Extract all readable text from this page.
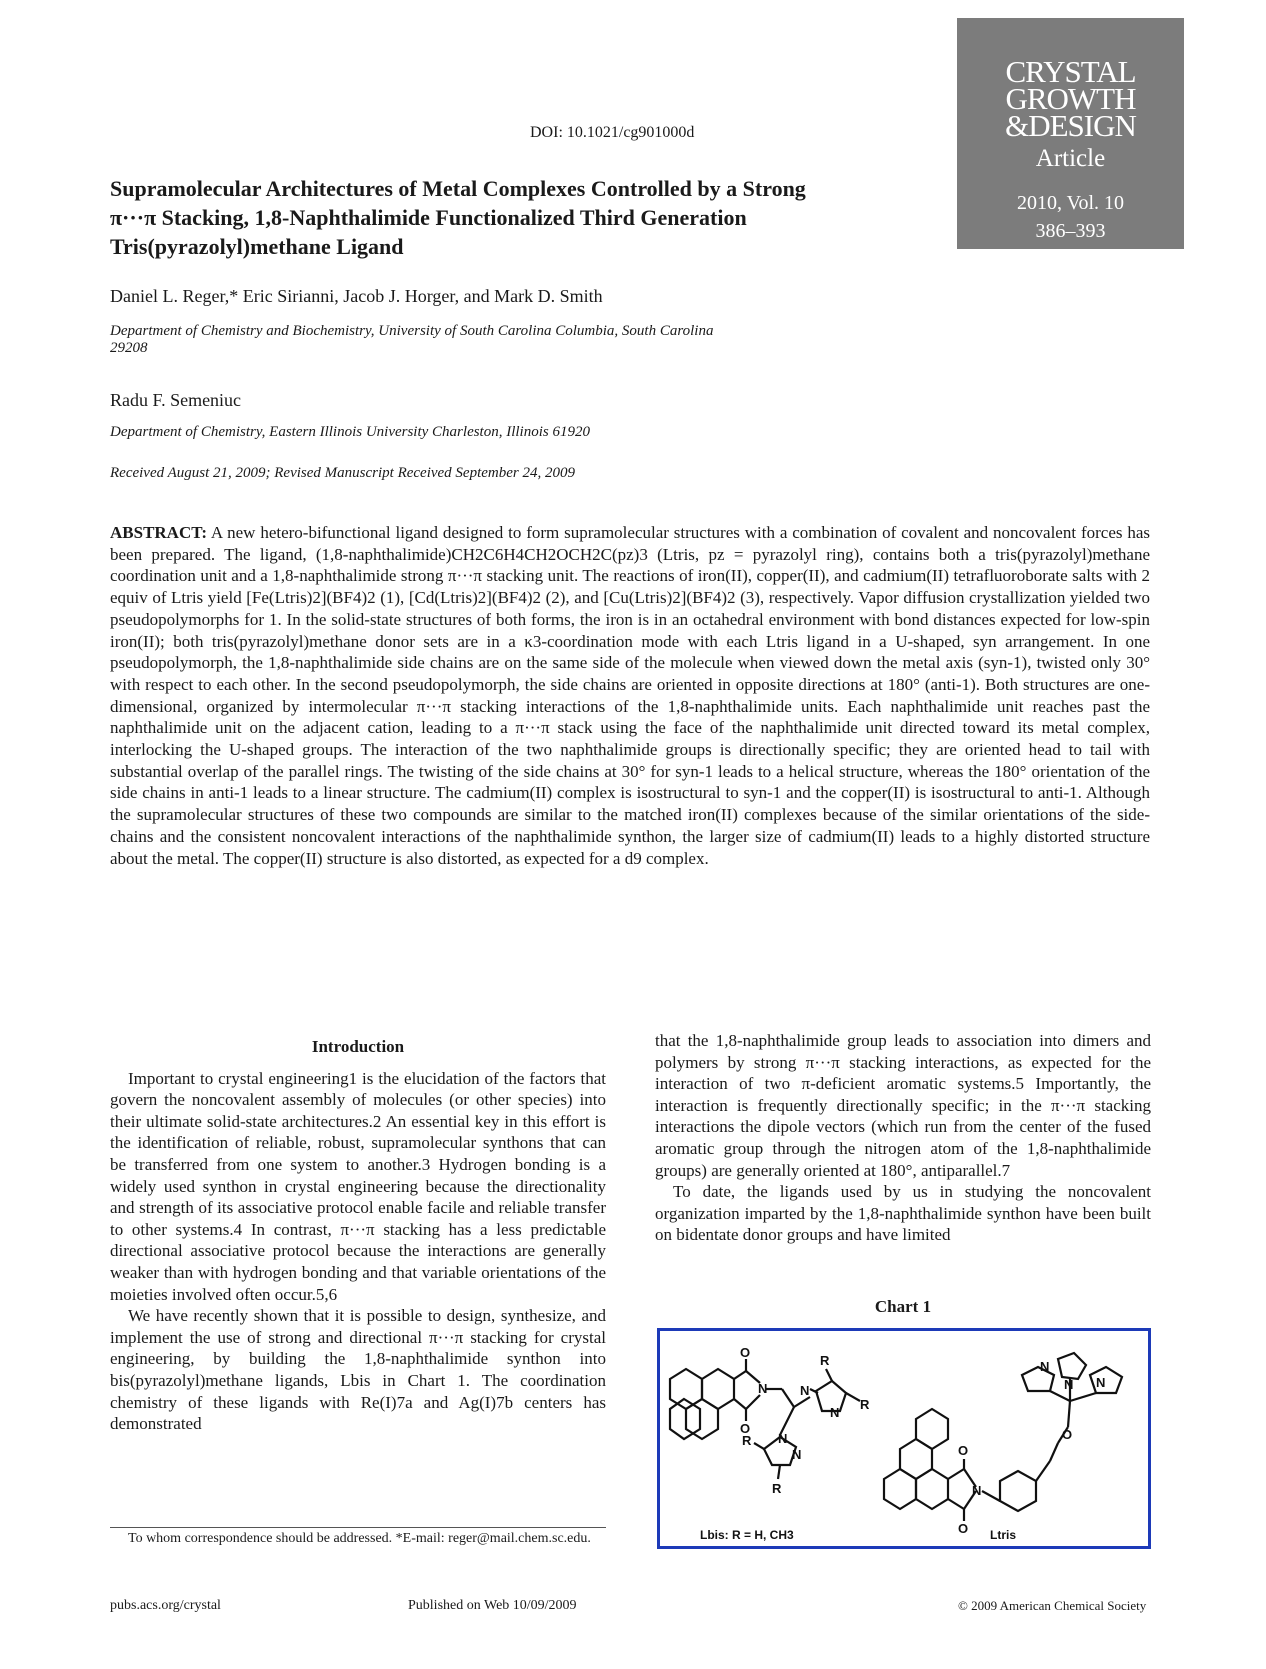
DOI: 10.1021/cg901000d
CRYSTAL
GROWTH
&DESIGN
Article
2010, Vol. 10
386–393
Supramolecular Architectures of Metal Complexes Controlled by a Strong π···π Stacking, 1,8-Naphthalimide Functionalized Third Generation Tris(pyrazolyl)methane Ligand
Daniel L. Reger,* Eric Sirianni, Jacob J. Horger, and Mark D. Smith
Department of Chemistry and Biochemistry, University of South Carolina Columbia, South Carolina 29208
Radu F. Semeniuc
Department of Chemistry, Eastern Illinois University Charleston, Illinois 61920
Received August 21, 2009; Revised Manuscript Received September 24, 2009
ABSTRACT: A new hetero-bifunctional ligand designed to form supramolecular structures with a combination of covalent and noncovalent forces has been prepared. The ligand, (1,8-naphthalimide)CH2C6H4CH2OCH2C(pz)3 (Ltris, pz = pyrazolyl ring), contains both a tris(pyrazolyl)methane coordination unit and a 1,8-naphthalimide strong π···π stacking unit. The reactions of iron(II), copper(II), and cadmium(II) tetrafluoroborate salts with 2 equiv of Ltris yield [Fe(Ltris)2](BF4)2 (1), [Cd(Ltris)2](BF4)2 (2), and [Cu(Ltris)2](BF4)2 (3), respectively. Vapor diffusion crystallization yielded two pseudopolymorphs for 1. In the solid-state structures of both forms, the iron is in an octahedral environment with bond distances expected for low-spin iron(II); both tris(pyrazolyl)methane donor sets are in a κ3-coordination mode with each Ltris ligand in a U-shaped, syn arrangement. In one pseudopolymorph, the 1,8-naphthalimide side chains are on the same side of the molecule when viewed down the metal axis (syn-1), twisted only 30° with respect to each other. In the second pseudopolymorph, the side chains are oriented in opposite directions at 180° (anti-1). Both structures are one-dimensional, organized by intermolecular π···π stacking interactions of the 1,8-naphthalimide units. Each naphthalimide unit reaches past the naphthalimide unit on the adjacent cation, leading to a π···π stack using the face of the naphthalimide unit directed toward its metal complex, interlocking the U-shaped groups. The interaction of the two naphthalimide groups is directionally specific; they are oriented head to tail with substantial overlap of the parallel rings. The twisting of the side chains at 30° for syn-1 leads to a helical structure, whereas the 180° orientation of the side chains in anti-1 leads to a linear structure. The cadmium(II) complex is isostructural to syn-1 and the copper(II) is isostructural to anti-1. Although the supramolecular structures of these two compounds are similar to the matched iron(II) complexes because of the similar orientations of the side-chains and the consistent noncovalent interactions of the naphthalimide synthon, the larger size of cadmium(II) leads to a highly distorted structure about the metal. The copper(II) structure is also distorted, as expected for a d9 complex.
Introduction

Important to crystal engineering1 is the elucidation of the factors that govern the noncovalent assembly of molecules (or other species) into their ultimate solid-state architectures.2 An essential key in this effort is the identification of reliable, robust, supramolecular synthons that can be transferred from one system to another.3 Hydrogen bonding is a widely used synthon in crystal engineering because the directionality and strength of its associative protocol enable facile and reliable transfer to other systems.4 In contrast, π···π stacking has a less predictable directional associative protocol because the interactions are generally weaker than with hydrogen bonding and that variable orientations of the moieties involved often occur.5,6

We have recently shown that it is possible to design, synthesize, and implement the use of strong and directional π···π stacking for crystal engineering, by building the 1,8-naphthalimide synthon into bis(pyrazolyl)methane ligands, Lbis in Chart 1. The coordination chemistry of these ligands with Re(I)7a and Ag(I)7b centers has demonstrated

that the 1,8-naphthalimide group leads to association into dimers and polymers by strong π···π stacking interactions, as expected for the interaction of two π-deficient aromatic systems.5 Importantly, the interaction is frequently directionally specific; in the π···π stacking interactions the dipole vectors (which run from the center of the fused aromatic group through the nitrogen atom of the 1,8-naphthalimide groups) are generally oriented at 180°, antiparallel.7

To date, the ligands used by us in studying the noncovalent organization imparted by the 1,8-naphthalimide synthon have been built on bidentate donor groups and have limited

Chart 1
O
O
N	N
N
R
R
R
R
N
N	O
O
N
O
N
N N
Lbis: R = H, CH3	Ltris
To whom correspondence should be addressed. *E-mail: reger@mail.chem.sc.edu.
pubs.acs.org/crystal	Published on Web 10/09/2009	© 2009 American Chemical Society
